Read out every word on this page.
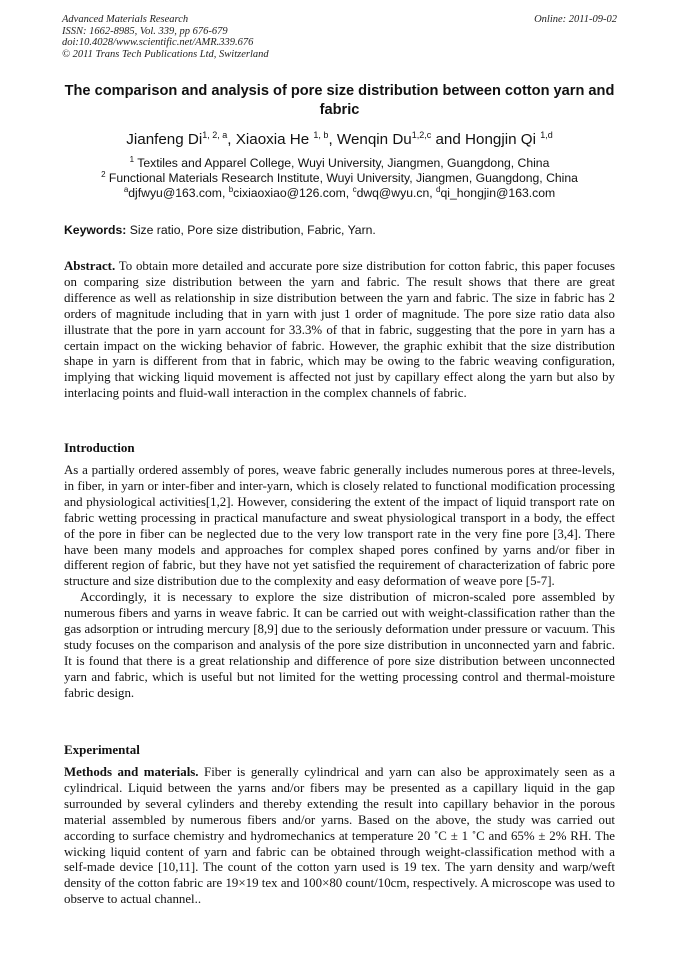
Advanced Materials Research
ISSN: 1662-8985, Vol. 339, pp 676-679
doi:10.4028/www.scientific.net/AMR.339.676
© 2011 Trans Tech Publications Ltd, Switzerland
Online: 2011-09-02
The comparison and analysis of pore size distribution between cotton yarn and fabric
Jianfeng Di$^{1, 2, a}$, Xiaoxia He $^{1, b}$, Wenqin Du$^{1,2,c}$ and Hongjin Qi $^{1,d}$
$^1$ Textiles and Apparel College, Wuyi University, Jiangmen, Guangdong, China
$^2$ Functional Materials Research Institute, Wuyi University, Jiangmen, Guangdong, China
$^a$djfwyu@163.com, $^b$cixiaoxiao@126.com, $^c$dwq@wyu.cn, $^d$qi_hongjin@163.com
Keywords: Size ratio, Pore size distribution, Fabric, Yarn.
Abstract. To obtain more detailed and accurate pore size distribution for cotton fabric, this paper focuses on comparing size distribution between the yarn and fabric. The result shows that there are great difference as well as relationship in size distribution between the yarn and fabric. The size in fabric has 2 orders of magnitude including that in yarn with just 1 order of magnitude. The pore size ratio data also illustrate that the pore in yarn account for 33.3% of that in fabric, suggesting that the pore in yarn has a certain impact on the wicking behavior of fabric. However, the graphic exhibit that the size distribution shape in yarn is different from that in fabric, which may be owing to the fabric weaving configuration, implying that wicking liquid movement is affected not just by capillary effect along the yarn but also by interlacing points and fluid-wall interaction in the complex channels of fabric.
Introduction
As a partially ordered assembly of pores, weave fabric generally includes numerous pores at three-levels, in fiber, in yarn or inter-fiber and inter-yarn, which is closely related to functional modification processing and physiological activities[1,2]. However, considering the extent of the impact of liquid transport rate on fabric wetting processing in practical manufacture and sweat physiological transport in a body, the effect of the pore in fiber can be neglected due to the very low transport rate in the very fine pore [3,4]. There have been many models and approaches for complex shaped pores confined by yarns and/or fiber in different region of fabric, but they have not yet satisfied the requirement of characterization of fabric pore structure and size distribution due to the complexity and easy deformation of weave pore [5-7].
Accordingly, it is necessary to explore the size distribution of micron-scaled pore assembled by numerous fibers and yarns in weave fabric. It can be carried out with weight-classification rather than the gas adsorption or intruding mercury [8,9] due to the seriously deformation under pressure or vacuum. This study focuses on the comparison and analysis of the pore size distribution in unconnected yarn and fabric. It is found that there is a great relationship and difference of pore size distribution between unconnected yarn and fabric, which is useful but not limited for the wetting processing control and thermal-moisture fabric design.
Experimental
Methods and materials. Fiber is generally cylindrical and yarn can also be approximately seen as a cylindrical. Liquid between the yarns and/or fibers may be presented as a capillary liquid in the gap surrounded by several cylinders and thereby extending the result into capillary behavior in the porous material assembled by numerous fibers and/or yarns. Based on the above, the study was carried out according to surface chemistry and hydromechanics at temperature 20 ˚C ± 1 ˚C and 65% ± 2% RH. The wicking liquid content of yarn and fabric can be obtained through weight-classification method with a self-made device [10,11]. The count of the cotton yarn used is 19 tex. The yarn density and warp/weft density of the cotton fabric are 19×19 tex and 100×80 count/10cm, respectively. A microscope was used to observe to actual channel..
